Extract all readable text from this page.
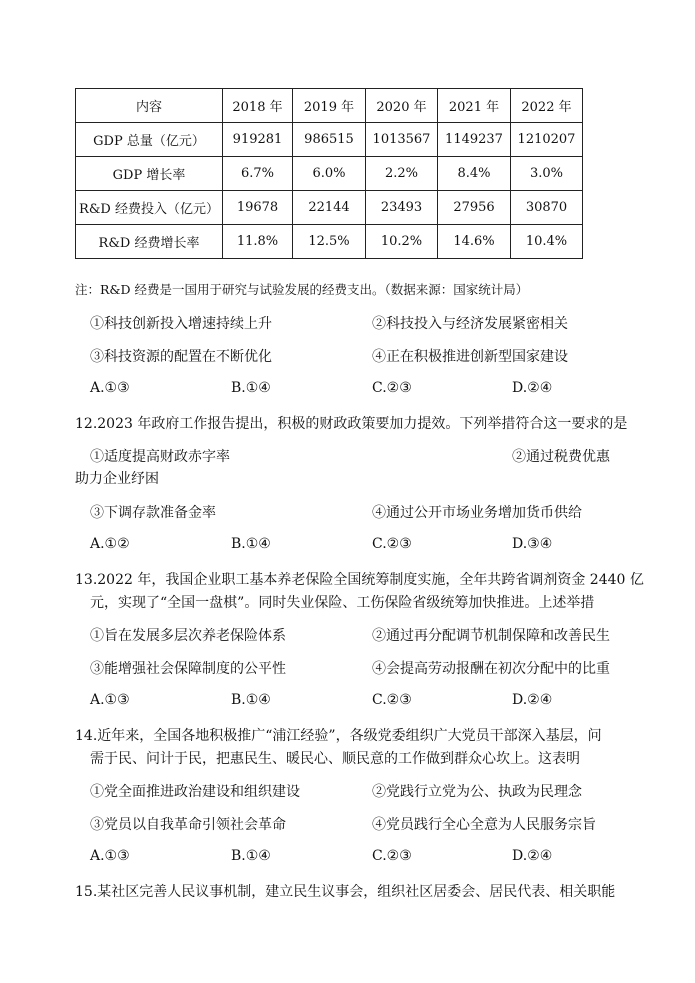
内容	2018 年	2019 年	2020 年	2021 年	2022 年
GDP 总量（亿元）	919281	986515	1013567	1149237	1210207
GDP 增长率	6.7%	6.0%	2.2%	8.4%	3.0%
R&D 经费投入（亿元）	19678	22144	23493	27956	30870
R&D 经费增长率	11.8%	12.5%	10.2%	14.6%	10.4%
注：R&D 经费是一国用于研究与试验发展的经费支出。（数据来源：国家统计局）
①科技创新投入增速持续上升	②科技投入与经济发展紧密相关
③科技资源的配置在不断优化	④正在积极推进创新型国家建设
A.①③	B.①④	C.②③	D.②④
12.2023 年政府工作报告提出，积极的财政政策要加力提效。下列举措符合这一要求的是
①适度提高财政赤字率	②通过税费优惠
助力企业纾困
③下调存款准备金率	④通过公开市场业务增加货币供给
A.①②	B.①④	C.②③	D.③④
13.2022 年，我国企业职工基本养老保险全国统筹制度实施，全年共跨省调剂资金 2440 亿
元，实现了“全国一盘棋”。同时失业保险、工伤保险省级统筹加快推进。上述举措
①旨在发展多层次养老保险体系	②通过再分配调节机制保障和改善民生
③能增强社会保障制度的公平性	④会提高劳动报酬在初次分配中的比重
A.①③	B.①④	C.②③	D.②④
14.近年来，全国各地积极推广“浦江经验”，各级党委组织广大党员干部深入基层，问
需于民、问计于民，把惠民生、暖民心、顺民意的工作做到群众心坎上。这表明
①党全面推进政治建设和组织建设	②党践行立党为公、执政为民理念
③党员以自我革命引领社会革命	④党员践行全心全意为人民服务宗旨
A.①③	B.①④	C.②③	D.②④
15.某社区完善人民议事机制，建立民生议事会，组织社区居委会、居民代表、相关职能
